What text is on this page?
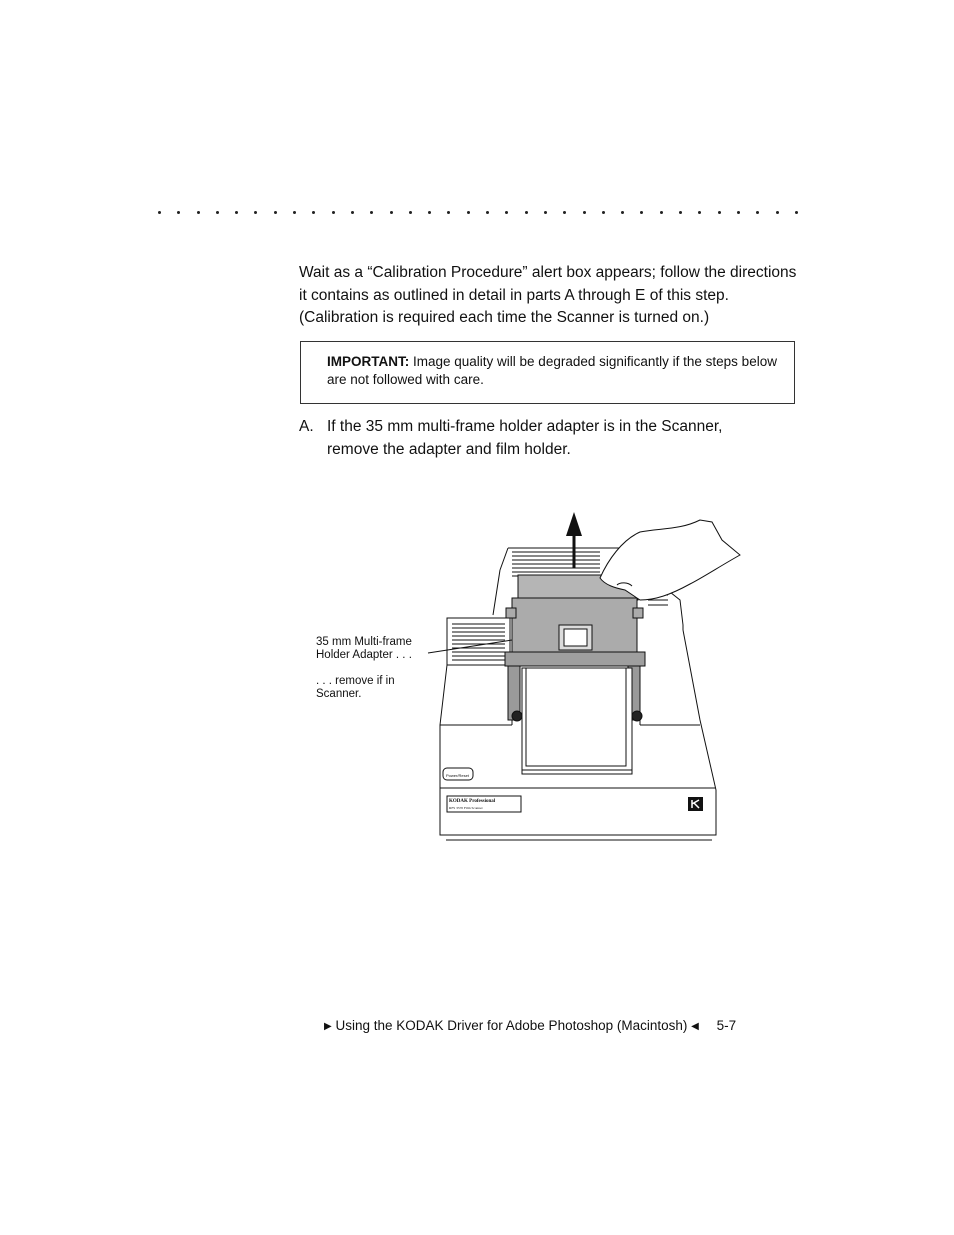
Wait as a “Calibration Procedure” alert box appears; follow the directions it contains as outlined in detail in parts A through E of this step. (Calibration is required each time the Scanner is turned on.)

IMPORTANT: Image quality will be degraded significantly if the steps below are not followed with care.
A. If the 35 mm multi-frame holder adapter is in the Scanner, remove the adapter and film holder.
35 mm Multi-frame Holder Adapter . . .
. . . remove if in Scanner.
Power/Reset
KODAK Professional
RFS 3570 Film Scanner
▶ Using the KODAK Driver for Adobe Photoshop (Macintosh) ◀ 5-7
